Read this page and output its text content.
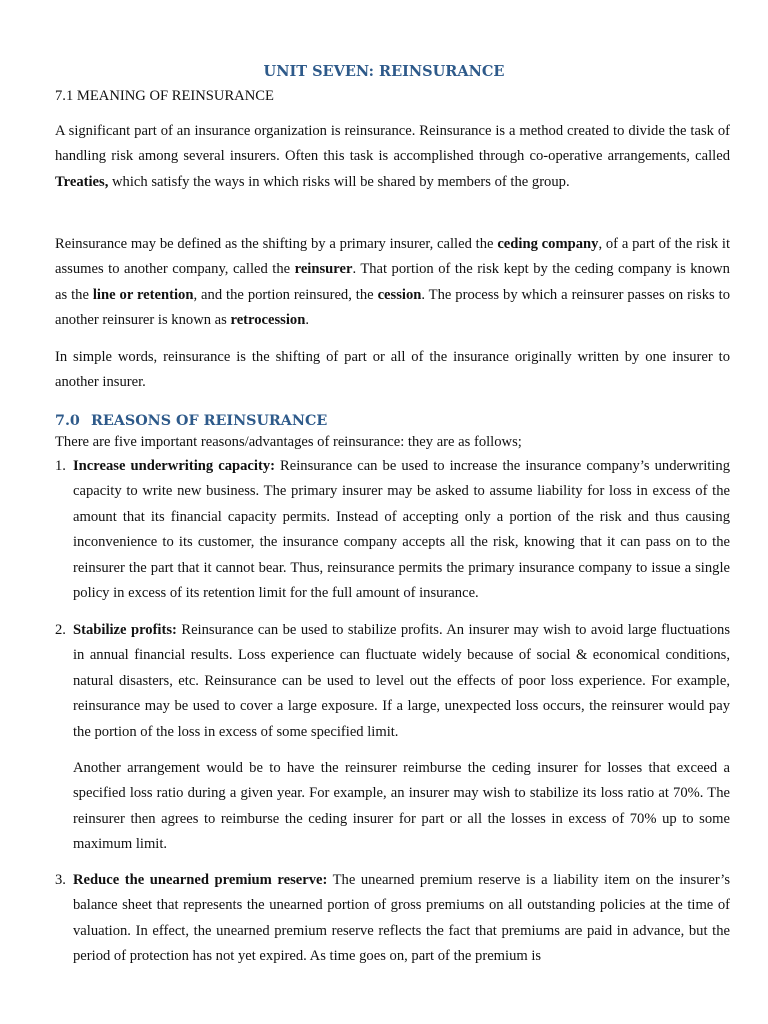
UNIT SEVEN: REINSURANCE
7.1 MEANING OF REINSURANCE

A significant part of an insurance organization is reinsurance. Reinsurance is a method created to divide the task of handling risk among several insurers. Often this task is accomplished through co-operative arrangements, called Treaties, which satisfy the ways in which risks will be shared by members of the group.

Reinsurance may be defined as the shifting by a primary insurer, called the ceding company, of a part of the risk it assumes to another company, called the reinsurer. That portion of the risk kept by the ceding company is known as the line or retention, and the portion reinsured, the cession. The process by which a reinsurer passes on risks to another reinsurer is known as retrocession.

In simple words, reinsurance is the shifting of part or all of the insurance originally written by one insurer to another insurer.

7.0 REASONS OF REINSURANCE
There are five important reasons/advantages of reinsurance: they are as follows;
1. Increase underwriting capacity: Reinsurance can be used to increase the insurance company’s underwriting capacity to write new business. The primary insurer may be asked to assume liability for loss in excess of the amount that its financial capacity permits. Instead of accepting only a portion of the risk and thus causing inconvenience to its customer, the insurance company accepts all the risk, knowing that it can pass on to the reinsurer the part that it cannot bear. Thus, reinsurance permits the primary insurance company to issue a single policy in excess of its retention limit for the full amount of insurance.
2. Stabilize profits: Reinsurance can be used to stabilize profits. An insurer may wish to avoid large fluctuations in annual financial results. Loss experience can fluctuate widely because of social & economical conditions, natural disasters, etc. Reinsurance can be used to level out the effects of poor loss experience. For example, reinsurance may be used to cover a large exposure. If a large, unexpected loss occurs, the reinsurer would pay the portion of the loss in excess of some specified limit.
Another arrangement would be to have the reinsurer reimburse the ceding insurer for losses that exceed a specified loss ratio during a given year. For example, an insurer may wish to stabilize its loss ratio at 70%. The reinsurer then agrees to reimburse the ceding insurer for part or all the losses in excess of 70% up to some maximum limit.
3. Reduce the unearned premium reserve: The unearned premium reserve is a liability item on the insurer’s balance sheet that represents the unearned portion of gross premiums on all outstanding policies at the time of valuation. In effect, the unearned premium reserve reflects the fact that premiums are paid in advance, but the period of protection has not yet expired. As time goes on, part of the premium is
